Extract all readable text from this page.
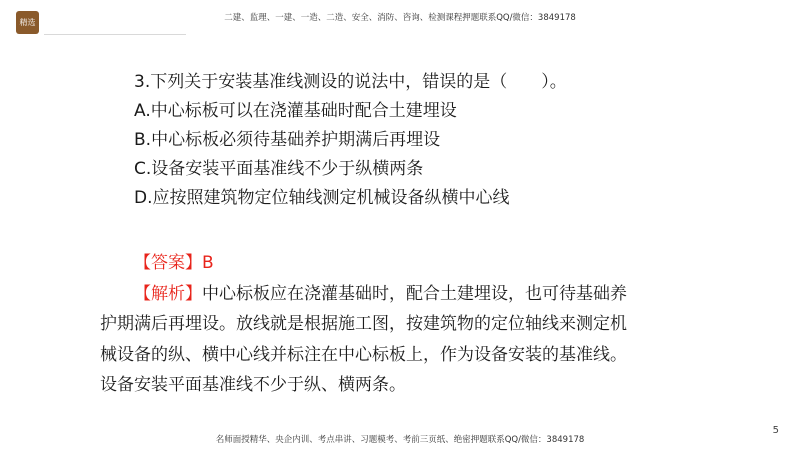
精选	二建、监理、一建、一造、二造、安全、消防、咨询、检测课程押题联系QQ/微信：3849178
3.下列关于安装基准线测设的说法中，错误的是（　　）。
A.中心标板可以在浇灌基础时配合土建埋设
B.中心标板必须待基础养护期满后再埋设
C.设备安装平面基准线不少于纵横两条
D.应按照建筑物定位轴线测定机械设备纵横中心线
【答案】B
【解析】中心标板应在浇灌基础时，配合土建埋设，也可待基础养
护期满后再埋设。放线就是根据施工图，按建筑物的定位轴线来测定机
械设备的纵、横中心线并标注在中心标板上，作为设备安装的基准线。
设备安装平面基准线不少于纵、横两条。
名师面授精华、央企内训、考点串讲、习题模考、考前三页纸、绝密押题联系QQ/微信：3849178
5
